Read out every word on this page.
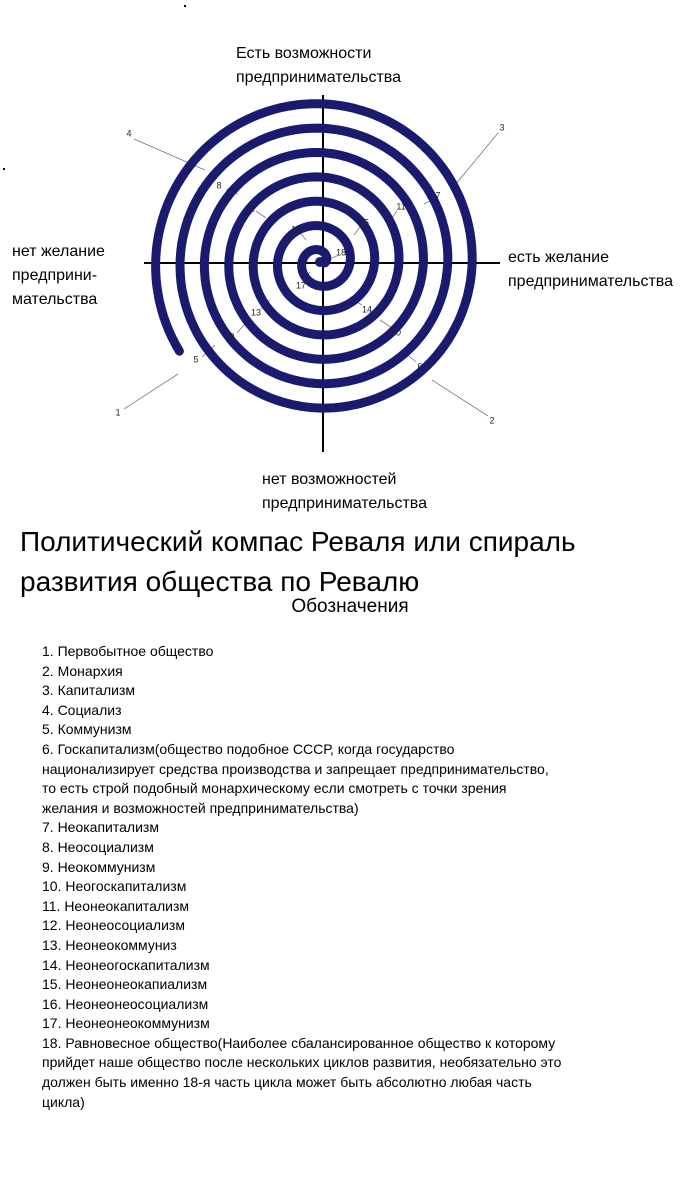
1
2
3
4
5
6
7
8
9	10
11
12
13	14
15
16
17
18
Есть возможности
предпринимательства
нет возможностей
предпринимательства
нет желание
предприни-
мательства
есть желание
предпринимательства
Политический компас Реваля или спираль развития общества по Ревалю
Обозначения
1. Первобытное общество
2. Монархия
3. Капитализм
4. Социализ
5. Коммунизм
6. Госкапитализм(общество подобное СССР, когда государство национализирует средства производства и запрещает предпринимательство, то есть строй подобный монархическому если смотреть с точки зрения желания и возможностей предпринимательства)
7. Неокапитализм
8. Неосоциализм
9. Неокоммунизм
10. Неогоскапитализм
11. Неонеокапитализм
12. Неонеосоциализм
13. Неонеокоммуниз
14. Неонеогоскапитализм
15. Неонеонеокапиализм
16. Неонеонеосоциализм
17. Неонеонеокоммунизм
18. Равновесное общество(Наиболее сбалансированное общество к которому прийдет наше общество после нескольких циклов развития, необязательно это должен быть именно 18-я часть цикла может быть абсолютно любая часть цикла)
